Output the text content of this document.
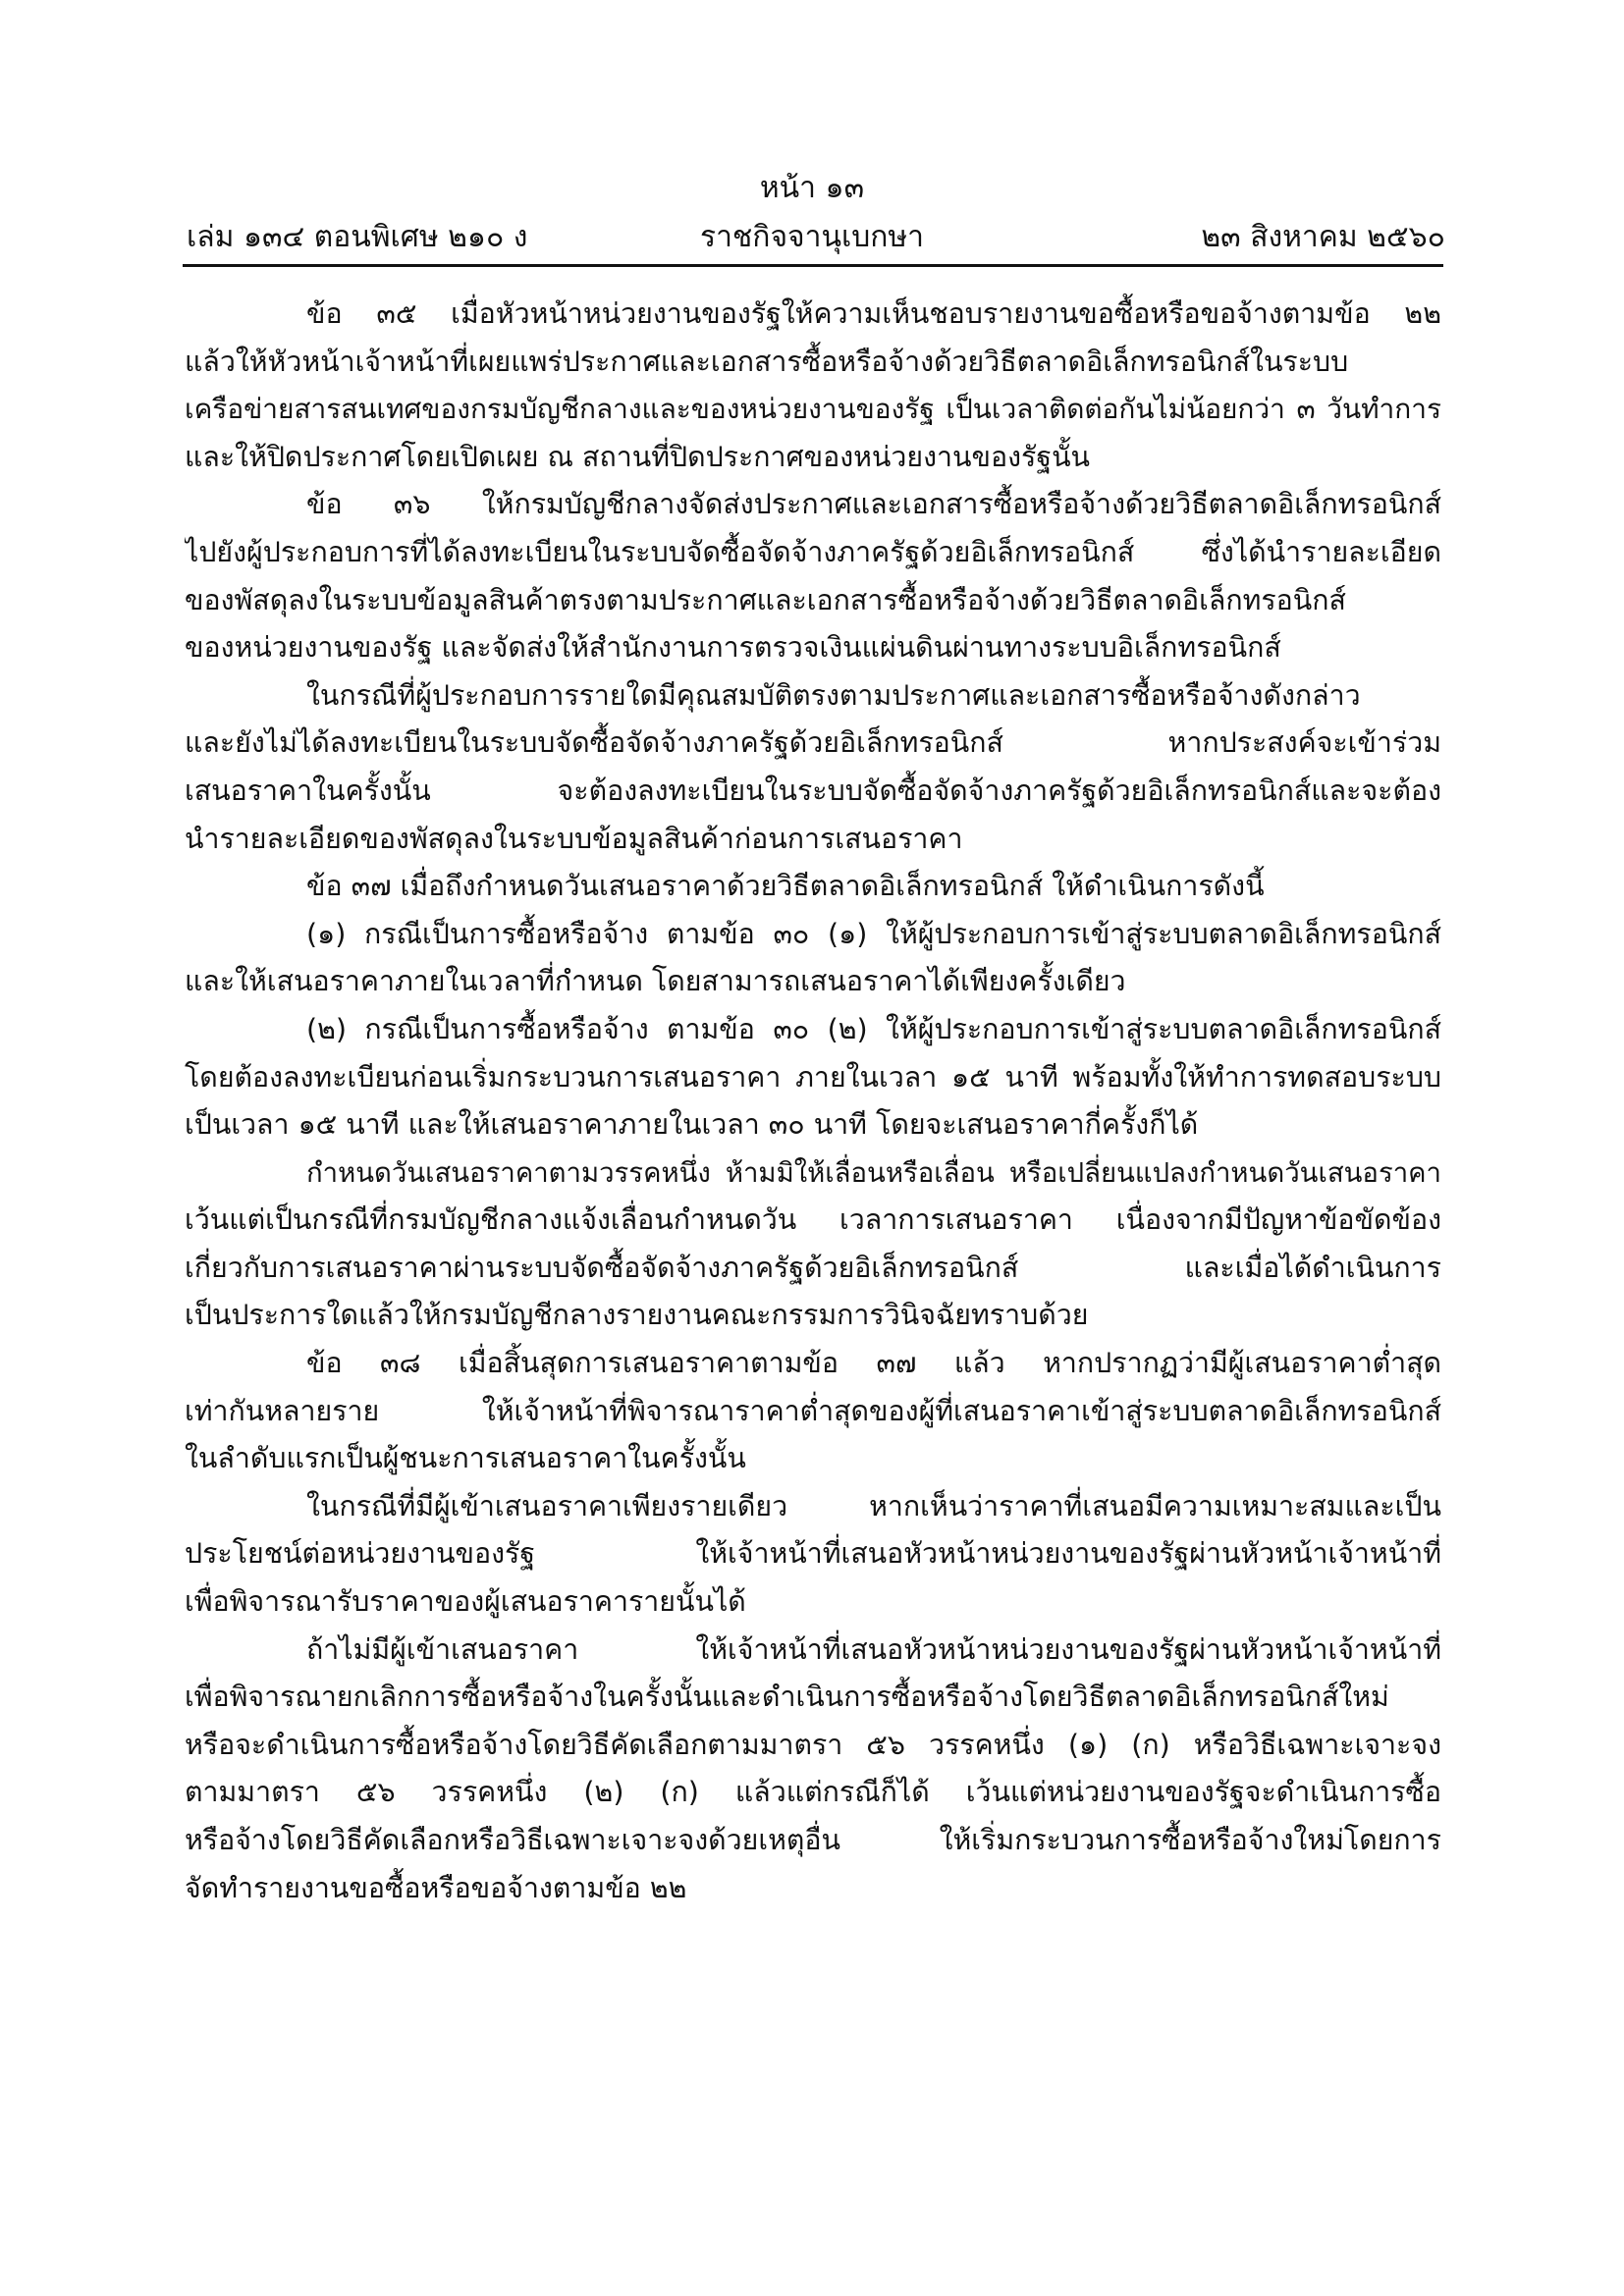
หน้า ๑๓
เล่ม ๑๓๔ ตอนพิเศษ ๒๑๐ ง	ราชกิจจานุเบกษา	๒๓ สิงหาคม ๒๕๖๐
ข้อ ๓๕ เมื่อหัวหน้าหน่วยงานของรัฐให้ความเห็นชอบรายงานขอซื้อหรือขอจ้างตามข้อ ๒๒
แล้วให้หัวหน้าเจ้าหน้าที่เผยแพร่ประกาศและเอกสารซื้อหรือจ้างด้วยวิธีตลาดอิเล็กทรอนิกส์ในระบบ
เครือข่ายสารสนเทศของกรมบัญชีกลางและของหน่วยงานของรัฐ เป็นเวลาติดต่อกันไม่น้อยกว่า ๓ วันทำการ
และให้ปิดประกาศโดยเปิดเผย ณ สถานที่ปิดประกาศของหน่วยงานของรัฐนั้น
ข้อ ๓๖ ให้กรมบัญชีกลางจัดส่งประกาศและเอกสารซื้อหรือจ้างด้วยวิธีตลาดอิเล็กทรอนิกส์
ไปยังผู้ประกอบการที่ได้ลงทะเบียนในระบบจัดซื้อจัดจ้างภาครัฐด้วยอิเล็กทรอนิกส์ ซึ่งได้นำรายละเอียด
ของพัสดุลงในระบบข้อมูลสินค้าตรงตามประกาศและเอกสารซื้อหรือจ้างด้วยวิธีตลาดอิเล็กทรอนิกส์
ของหน่วยงานของรัฐ และจัดส่งให้สำนักงานการตรวจเงินแผ่นดินผ่านทางระบบอิเล็กทรอนิกส์
ในกรณีที่ผู้ประกอบการรายใดมีคุณสมบัติตรงตามประกาศและเอกสารซื้อหรือจ้างดังกล่าว
และยังไม่ได้ลงทะเบียนในระบบจัดซื้อจัดจ้างภาครัฐด้วยอิเล็กทรอนิกส์ หากประสงค์จะเข้าร่วม
เสนอราคาในครั้งนั้น จะต้องลงทะเบียนในระบบจัดซื้อจัดจ้างภาครัฐด้วยอิเล็กทรอนิกส์และจะต้อง
นำรายละเอียดของพัสดุลงในระบบข้อมูลสินค้าก่อนการเสนอราคา
ข้อ ๓๗ เมื่อถึงกำหนดวันเสนอราคาด้วยวิธีตลาดอิเล็กทรอนิกส์ ให้ดำเนินการดังนี้
(๑) กรณีเป็นการซื้อหรือจ้าง ตามข้อ ๓๐ (๑) ให้ผู้ประกอบการเข้าสู่ระบบตลาดอิเล็กทรอนิกส์
และให้เสนอราคาภายในเวลาที่กำหนด โดยสามารถเสนอราคาได้เพียงครั้งเดียว
(๒) กรณีเป็นการซื้อหรือจ้าง ตามข้อ ๓๐ (๒) ให้ผู้ประกอบการเข้าสู่ระบบตลาดอิเล็กทรอนิกส์
โดยต้องลงทะเบียนก่อนเริ่มกระบวนการเสนอราคา ภายในเวลา ๑๕ นาที พร้อมทั้งให้ทำการทดสอบระบบ
เป็นเวลา ๑๕ นาที และให้เสนอราคาภายในเวลา ๓๐ นาที โดยจะเสนอราคากี่ครั้งก็ได้
กำหนดวันเสนอราคาตามวรรคหนึ่ง ห้ามมิให้เลื่อนหรือเลื่อน หรือเปลี่ยนแปลงกำหนดวันเสนอราคา
เว้นแต่เป็นกรณีที่กรมบัญชีกลางแจ้งเลื่อนกำหนดวัน เวลาการเสนอราคา เนื่องจากมีปัญหาข้อขัดข้อง
เกี่ยวกับการเสนอราคาผ่านระบบจัดซื้อจัดจ้างภาครัฐด้วยอิเล็กทรอนิกส์ และเมื่อได้ดำเนินการ
เป็นประการใดแล้วให้กรมบัญชีกลางรายงานคณะกรรมการวินิจฉัยทราบด้วย
ข้อ ๓๘ เมื่อสิ้นสุดการเสนอราคาตามข้อ ๓๗ แล้ว หากปรากฏว่ามีผู้เสนอราคาต่ำสุด
เท่ากันหลายราย ให้เจ้าหน้าที่พิจารณาราคาต่ำสุดของผู้ที่เสนอราคาเข้าสู่ระบบตลาดอิเล็กทรอนิกส์
ในลำดับแรกเป็นผู้ชนะการเสนอราคาในครั้งนั้น
ในกรณีที่มีผู้เข้าเสนอราคาเพียงรายเดียว หากเห็นว่าราคาที่เสนอมีความเหมาะสมและเป็น
ประโยชน์ต่อหน่วยงานของรัฐ ให้เจ้าหน้าที่เสนอหัวหน้าหน่วยงานของรัฐผ่านหัวหน้าเจ้าหน้าที่
เพื่อพิจารณารับราคาของผู้เสนอราคารายนั้นได้
ถ้าไม่มีผู้เข้าเสนอราคา ให้เจ้าหน้าที่เสนอหัวหน้าหน่วยงานของรัฐผ่านหัวหน้าเจ้าหน้าที่
เพื่อพิจารณายกเลิกการซื้อหรือจ้างในครั้งนั้นและดำเนินการซื้อหรือจ้างโดยวิธีตลาดอิเล็กทรอนิกส์ใหม่
หรือจะดำเนินการซื้อหรือจ้างโดยวิธีคัดเลือกตามมาตรา ๕๖ วรรคหนึ่ง (๑) (ก) หรือวิธีเฉพาะเจาะจง
ตามมาตรา ๕๖ วรรคหนึ่ง (๒) (ก) แล้วแต่กรณีก็ได้ เว้นแต่หน่วยงานของรัฐจะดำเนินการซื้อ
หรือจ้างโดยวิธีคัดเลือกหรือวิธีเฉพาะเจาะจงด้วยเหตุอื่น ให้เริ่มกระบวนการซื้อหรือจ้างใหม่โดยการ
จัดทำรายงานขอซื้อหรือขอจ้างตามข้อ ๒๒
